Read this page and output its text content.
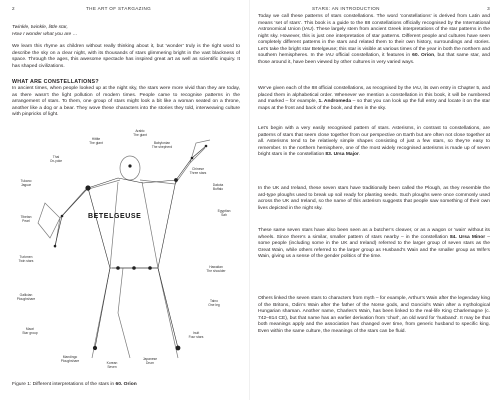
2	THE ART OF STARGAZING
Twinkle, twinkle, little star,
How I wonder what you are …

We learn this rhyme as children without really thinking about it, but ‘wonder’ truly is the right word to describe the sky on a clear night, with its thousands of stars glimmering bright in the vast blackness of space. Through the ages, this awesome spectacle has inspired great art as well as scientific inquiry. It has shaped civilizations.

WHAT ARE CONSTELLATIONS?

In ancient times, when people looked up at the night sky, the stars were more vivid than they are today, as there wasn’t the light pollution of modern times. People came to recognise patterns in the arrangement of stars. To them, one group of stars might look a bit like a woman seated on a throne, another like a dog or a bear. They wove these characters into the stories they told, interweaving culture with pinpricks of light.

BETELGEUSE
Hittite The giant
Arabic The giant
Babylonian The shepherd
Thai Ox-yoke
Chinese Three stars
Tukano Jaguar	Dakota Buffalo
Tibetan Pearl
Egyptian Sah
Turkmen Twin stars
Hawaiian The shoulder
Gallician Ploughshare
Maori Star group
Taino One leg
Inuit Four stars
Mandingo Ploughshare	Korean Seven
Japanese Drum
Figure 1: Different interpretations of the stars in 60. Orion
STARS: AN INTRODUCTION	3

Today we call these patterns of stars constellations. The word ‘constellations’ is derived from Latin and means ‘set of stars’. This book is a guide to the 88 constellations officially recognised by the International Astronomical Union (IAU). These largely stem from ancient Greek interpretations of the star patterns in the night sky. However, this is just one interpretation of star patterns. Different people and cultures have seen completely different patterns in the stars and related them to their own history, surroundings and stories. Let’s take the bright star Betelgeuse; this star is visible at various times of the year in both the northern and southern hemispheres. In the IAU official constellation, it features in 60. Orion, but that same star, and those around it, have been viewed by other cultures in very varied ways.

We’ve given each of the 88 official constellations, as recognised by the IAU, its own entry in Chapter 5, and placed them in alphabetical order. Whenever we mention a constellation in this book, it will be numbered and marked – for example, 1. Andromeda – so that you can look up the full entry and locate it on the star maps at the front and back of the book, and then in the sky.

Let’s begin with a very easily recognised pattern of stars. Asterisms, in contrast to constellations, are patterns of stars that seem close together from our perspective on Earth but are often not close together at all. Asterisms tend to be relatively simple shapes consisting of just a few stars, so they’re easy to remember. In the northern hemisphere, one of the most widely recognised asterisms is made up of seven bright stars in the constellation 83. Ursa Major.

In the UK and Ireland, these seven stars have traditionally been called the Plough, as they resemble the ard-type ploughs used to break up soil ready for planting seeds. Such ploughs were once commonly used across the UK and Ireland, so the name of this asterism suggests that people saw something of their own lives depicted in the night sky.

These same seven stars have also been seen as a butcher’s cleaver, or as a wagon or ‘wain’ without its wheels. Since there’s a similar, smaller pattern of stars nearby – in the constellation 84. Ursa Minor – some people (including some in the UK and Ireland) referred to the larger group of seven stars as the Great Wain, while others referred to the larger group as Husband’s Wain and the smaller group as Wife’s Wain, giving us a sense of the gender politics of the time.

Others linked the seven stars to characters from myth – for example, Arthur’s Wain after the legendary king of the Britons, Odin’s Wain after the father of the Norse gods, and Gonciol’s Wain after a mythological Hungarian shaman. Another name, Charles’s Wain, has been linked to the real-life King Charlemagne (c. 742–814 CE), but that name has an earlier derivation from ‘churl’, an old word for ‘husband’. It may be that both meanings apply and the association has changed over time, from generic husband to specific king. Even within the same culture, the meanings of the stars can be fluid.
